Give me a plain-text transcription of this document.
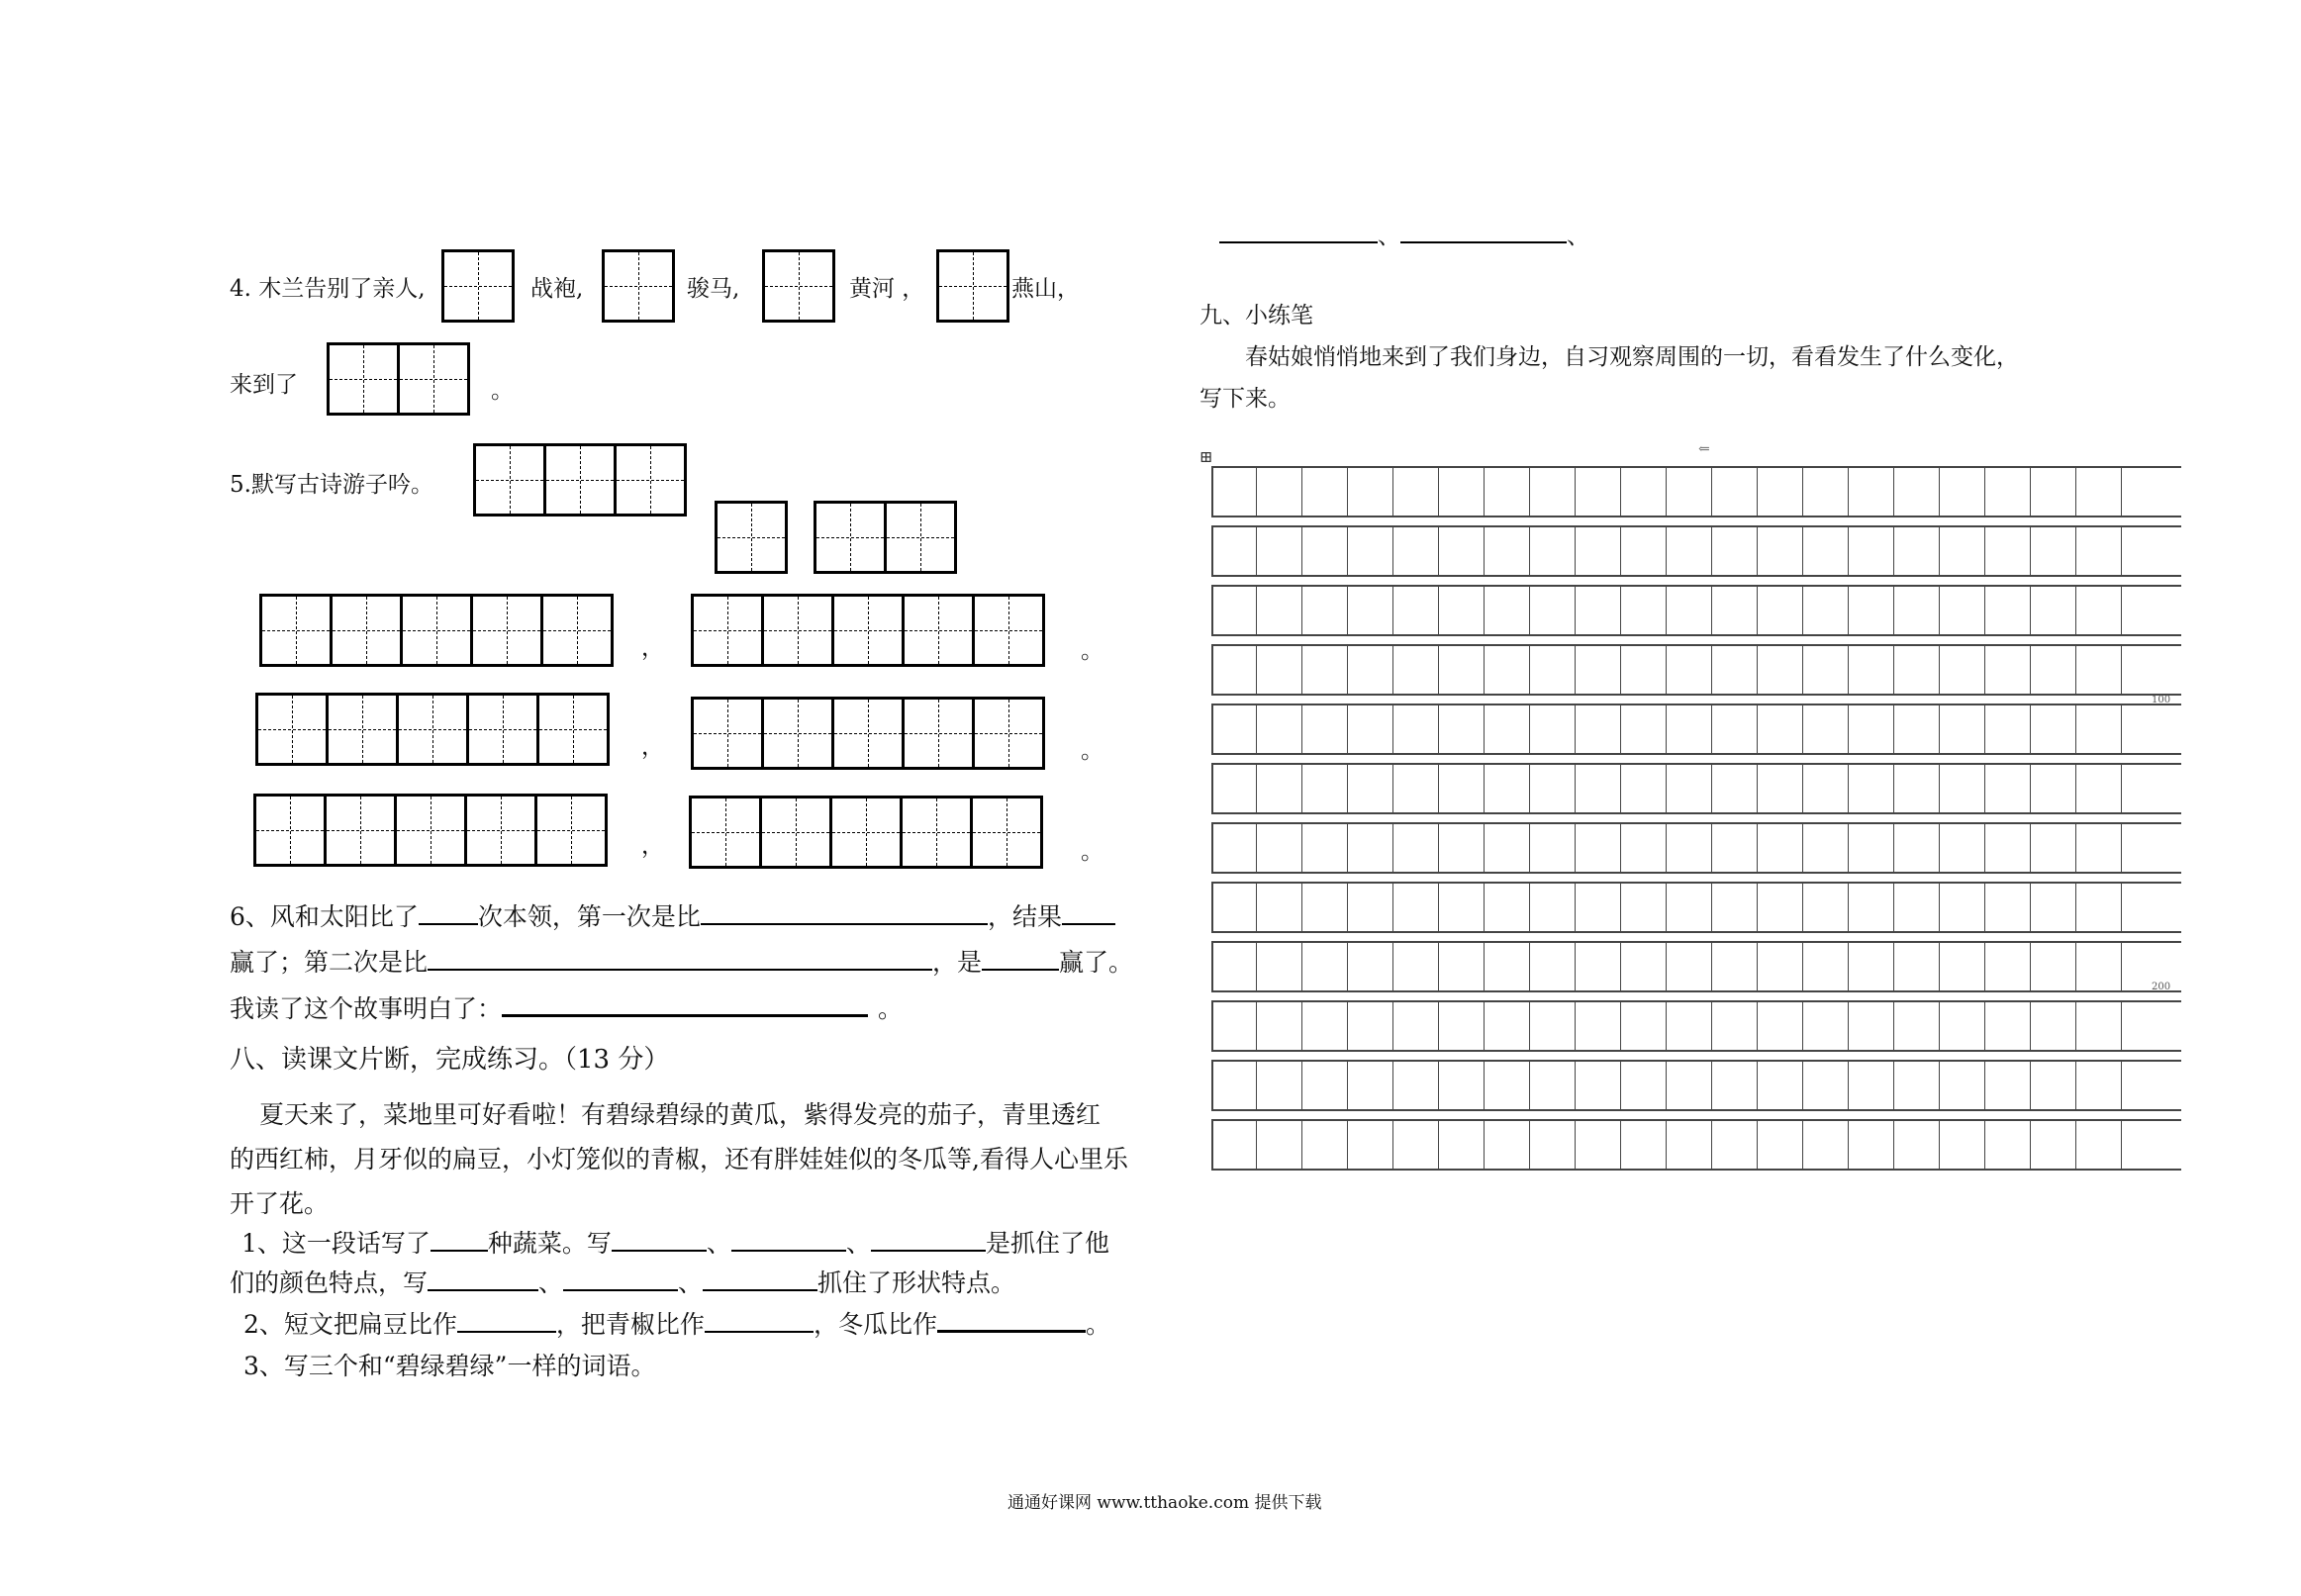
、	、
4. 木兰告别了亲人,	战袍,	骏马,	黄河 ，	燕山，
来到了	。
5.默写古诗游子吟。
，	。
，	。
，	。
6、风和太阳比了 次本领，第一次是比	，结果
赢了；第二次是比	，是	赢了。
我读了这个故事明白了：	。
八、读课文片断，完成练习。（13 分）
夏天来了，菜地里可好看啦！有碧绿碧绿的黄瓜，紫得发亮的茄子，青里透红
的西红柿，月牙似的扁豆，小灯笼似的青椒，还有胖娃娃似的冬瓜等,看得人心里乐
开了花。
1、这一段话写了 种蔬菜。写	、	、	是抓住了他
们的颜色特点，写	、	、	抓住了形状特点。
2、短文把扁豆比作	，把青椒比作	，冬瓜比作	。
3、写三个和“碧绿碧绿”一样的词语。
九、小练笔
春姑娘悄悄地来到了我们身边，自习观察周围的一切，看看发生了什么变化，
写下来。
⊞	⇐
100
200
通通好课网 www.tthaoke.com 提供下载
